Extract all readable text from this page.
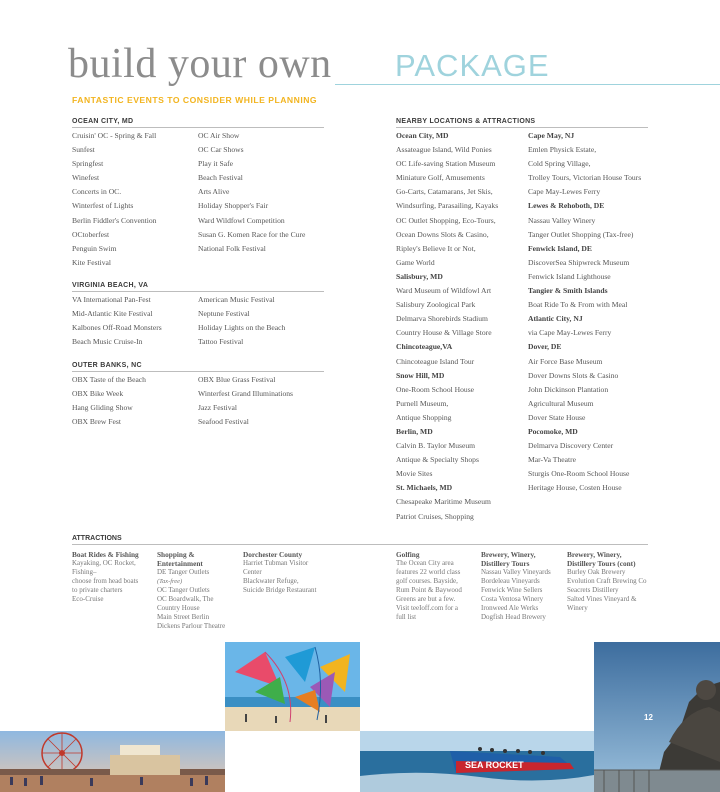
build your own PACKAGE
FANTASTIC EVENTS TO CONSIDER WHILE PLANNING
OCEAN CITY, MD
Cruisin' OC - Spring & Fall
Sunfest
Springfest
Winefest
Concerts in OC.
Winterfest of Lights
Berlin Fiddler's Convention
OCtoberfest
Penguin Swim
Kite Festival
OC Air Show
OC Car Shows
Play it Safe
Beach Festival
Arts Alive
Holiday Shopper's Fair
Ward Wildfowl Competition
Susan G. Komen Race for the Cure
National Folk Festival
VIRGINIA BEACH, VA
VA International Pan-Fest
Mid-Atlantic Kite Festival
Kalbones Off-Road Monsters
Beach Music Cruise-In
American Music Festival
Neptune Festival
Holiday Lights on the Beach
Tattoo Festival
OUTER BANKS, NC
OBX Taste of the Beach
OBX Bike Week
Hang Gliding Show
OBX Brew Fest
OBX Blue Grass Festival
Winterfest Grand Illuminations
Jazz Festival
Seafood Festival
NEARBY LOCATIONS & ATTRACTIONS
Ocean City, MD
Assateague Island, Wild Ponies
OC Life-saving Station Museum
Miniature Golf, Amusements
Go-Carts, Catamarans, Jet Skis,
Windsurfing, Parasailing, Kayaks
OC Outlet Shopping, Eco-Tours,
Ocean Downs Slots & Casino,
Ripley's Believe It or Not,
Game World
Salisbury, MD
Ward Museum of Wildfowl Art
Salisbury Zoological Park
Delmarva Shorebirds Stadium
Country House & Village Store
Chincoteague,VA
Chincoteague Island Tour
Snow Hill, MD
One-Room School House
Purnell Museum,
Antique Shopping
Berlin, MD
Calvin B. Taylor Museum
Antique & Specialty Shops
Movie Sites
St. Michaels, MD
Chesapeake Maritime Museum
Patriot Cruises, Shopping
Cape May, NJ
Emlen Physick Estate,
Cold Spring Village,
Trolley Tours, Victorian House Tours
Cape May-Lewes Ferry
Lewes & Rehoboth, DE
Nassau Valley Winery
Tanger Outlet Shopping (Tax-free)
Fenwick Island, DE
DiscoverSea Shipwreck Museum
Fenwick Island Lighthouse
Tangier & Smith Islands
Boat Ride To & From with Meal
Atlantic City, NJ
via Cape May-Lewes Ferry
Dover, DE
Air Force Base Museum
Dover Downs Slots & Casino
John Dickinson Plantation
Agricultural Museum
Dover State House
Pocomoke, MD
Delmarva Discovery Center
Mar-Va Theatre
Sturgis One-Room School House
Heritage House, Costen House
ATTRACTIONS
Boat Rides & Fishing
Kayaking, OC Rocket,
Fishing–
choose from head boats
to private charters
Eco-Cruise
Shopping &
Entertainment
DE Tanger Outlets
(Tax-free)
OC Tanger Outlets
OC Boardwalk, The
Country House
Main Street Berlin
Dickens Parlour Theatre
Dorchester County
Harriet Tubman Visitor
Center
Blackwater Refuge,
Suicide Bridge Restaurant
Golfing
The Ocean City area
features 22 world class
golf courses. Bayside,
Rum Point & Baywood
Greens are but a few.
Visit teeIoff.com for a
full list
Brewery, Winery,
Distillery Tours
Nassau Valley Vineyards
Bordeleau Vineyards
Fenwick Wine Sellers
Costa Ventosa Winery
Ironweed Ale Werks
Dogfish Head Brewery
Brewery, Winery,
Distillery Tours (cont)
Burley Oak Brewery
Evolution Craft Brewing Co
Seacrets Distillery
Salted Vines Vineyard &
Winery
SEA ROCKET
12
